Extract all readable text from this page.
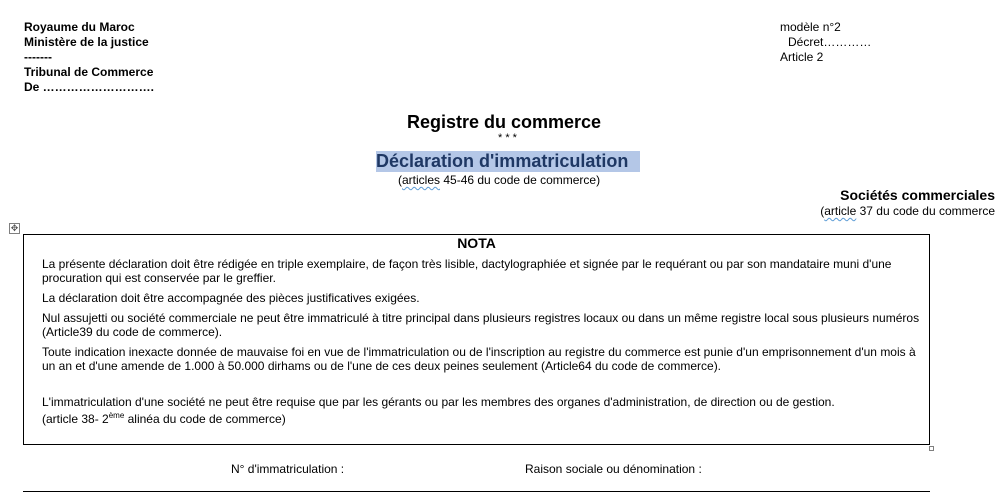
Royaume du Maroc
Ministère de la justice
-------
Tribunal de Commerce
De ……………………….
modèle n°2
Décret…………
Article 2
Registre du commerce
* * *
Déclaration d'immatriculation
(articles 45-46 du code de commerce)
Sociétés commerciales
(article 37 du code du commerce
✥
NOTA
La présente déclaration doit être rédigée en triple exemplaire, de façon très lisible, dactylographiée et signée par le requérant ou par son mandataire muni d'une procuration qui est conservée par le greffier.
La déclaration doit être accompagnée des pièces justificatives exigées.
Nul assujetti ou société commerciale ne peut être immatriculé à titre principal dans plusieurs registres locaux ou dans un même registre local sous plusieurs numéros (Article39 du code de commerce).
Toute indication inexacte donnée de mauvaise foi en vue de l'immatriculation ou de l'inscription au registre du commerce est punie d'un emprisonnement d'un mois à un an et d'une amende de 1.000 à 50.000 dirhams ou de l'une de ces deux peines seulement (Article64 du code de commerce).
L'immatriculation d'une société ne peut être requise que par les gérants ou par les membres des organes d'administration, de direction ou de gestion.
(article 38- 2ème alinéa du code de commerce)
N° d'immatriculation :	Raison sociale ou dénomination :
